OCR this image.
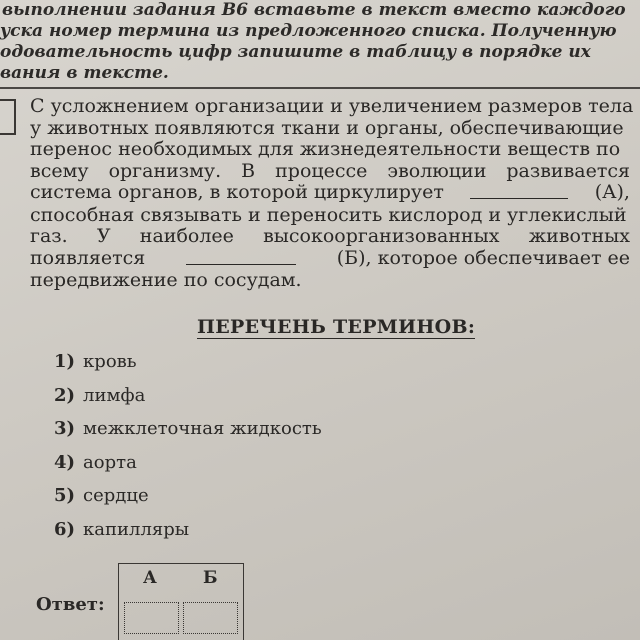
выполнении задания В6 вставьте в текст вместо каждого
уска номер термина из предложенного списка. Полученную
одовательность цифр запишите в таблицу в порядке их
вания в тексте.
С усложнением организации и увеличением размеров тела
у животных появляются ткани и органы, обеспечивающие
перенос необходимых для жизнедеятельности веществ по
всему организму. В процессе эволюции развивается
система органов, в которой циркулирует	(А),
способная связывать и переносить кислород и углекислый
газ. У наиболее высокоорганизованных животных
появляется	(Б), которое обеспечивает ее
передвижение по сосудам.
ПЕРЕЧЕНЬ ТЕРМИНОВ:
1) кровь
2) лимфа
3) межклеточная жидкость
4) аорта
5) сердце
6) капилляры
Ответ:
А	Б
